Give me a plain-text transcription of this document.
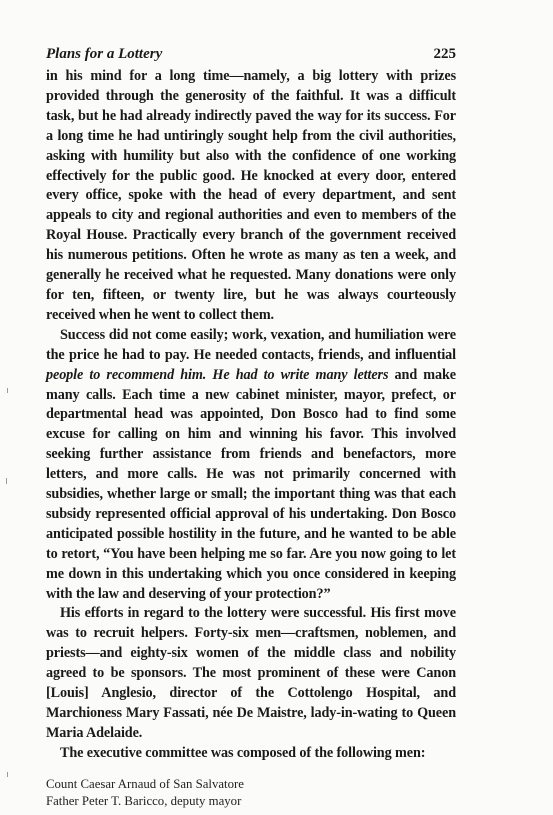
Plans for a Lottery	225

in his mind for a long time—namely, a big lottery with prizes provided through the generosity of the faithful. It was a difficult task, but he had already indirectly paved the way for its success. For a long time he had untiringly sought help from the civil authorities, asking with humility but also with the confidence of one working effectively for the public good. He knocked at every door, entered every office, spoke with the head of every department, and sent appeals to city and regional authorities and even to members of the Royal House. Practically every branch of the government received his numerous petitions. Often he wrote as many as ten a week, and generally he received what he requested. Many donations were only for ten, fifteen, or twenty lire, but he was always courteously received when he went to collect them.

Success did not come easily; work, vexation, and humiliation were the price he had to pay. He needed contacts, friends, and influential people to recommend him. He had to write many letters and make many calls. Each time a new cabinet minister, mayor, prefect, or departmental head was appointed, Don Bosco had to find some excuse for calling on him and winning his favor. This involved seeking further assistance from friends and benefactors, more letters, and more calls. He was not primarily concerned with subsidies, whether large or small; the important thing was that each subsidy represented official approval of his undertaking. Don Bosco anticipated possible hostility in the future, and he wanted to be able to retort, “You have been helping me so far. Are you now going to let me down in this undertaking which you once considered in keeping with the law and deserving of your protection?”

His efforts in regard to the lottery were successful. His first move was to recruit helpers. Forty-six men—craftsmen, noblemen, and priests—and eighty-six women of the middle class and nobility agreed to be sponsors. The most prominent of these were Canon [Louis] Anglesio, director of the Cottolengo Hospital, and Marchioness Mary Fassati, née De Maistre, lady-in-wating to Queen Maria Adelaide.

The executive committee was composed of the following men:

Count Caesar Arnaud of San Salvatore
Father Peter T. Baricco, deputy mayor
